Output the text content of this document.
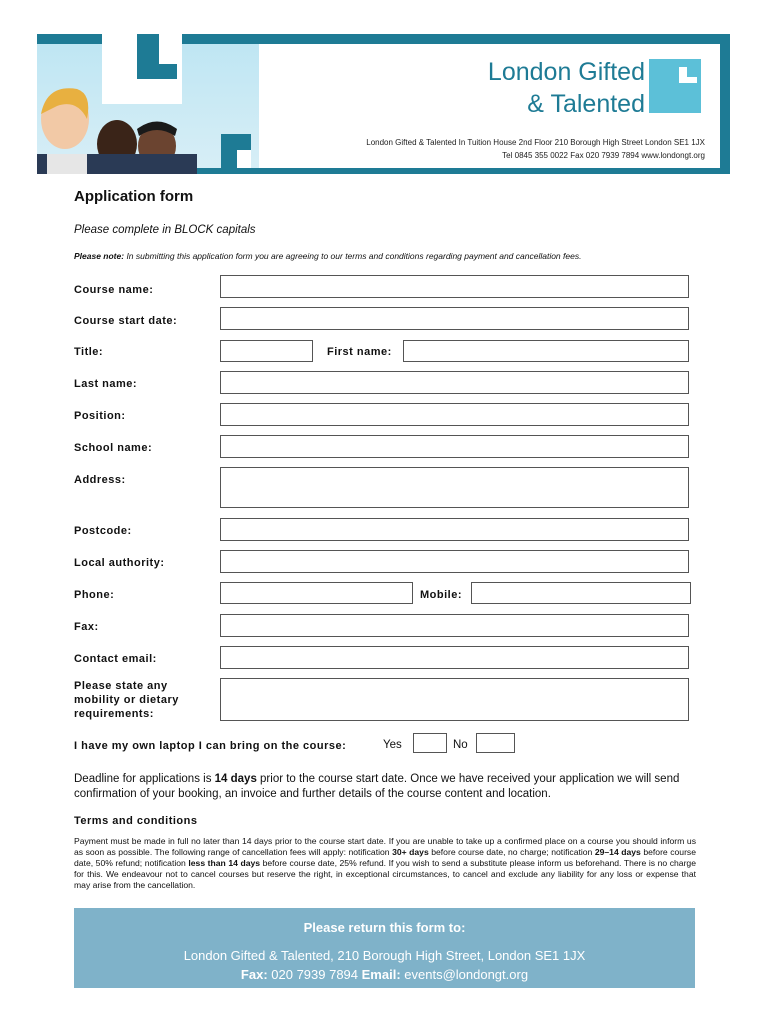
London Gifted
& Talented
London Gifted & Talented In Tuition House 2nd Floor 210 Borough High Street London SE1 1JX
Tel 0845 355 0022 Fax 020 7939 7894 www.londongt.org
Application form
Please complete in BLOCK capitals
Please note: In submitting this application form you are agreeing to our terms and conditions regarding payment and cancellation fees.
Course name:
Course start date:
Title:	First name:
Last name:
Position:
School name:
Address:
Postcode:
Local authority:
Phone:	Mobile:
Fax:
Contact email:
Please state any
mobility or dietary
requirements:
I have my own laptop I can bring on the course:	Yes	No
Deadline for applications is 14 days prior to the course start date. Once we have received your application we will send confirmation of your booking, an invoice and further details of the course content and location.
Terms and conditions
Payment must be made in full no later than 14 days prior to the course start date. If you are unable to take up a confirmed place on a course you should inform us as soon as possible. The following range of cancellation fees will apply: notification 30+ days before course date, no charge; notification 29–14 days before course date, 50% refund; notification less than 14 days before course date, 25% refund. If you wish to send a substitute please inform us beforehand. There is no charge for this. We endeavour not to cancel courses but reserve the right, in exceptional circumstances, to cancel and exclude any liability for any loss or expense that may arise from the cancellation.
Please return this form to:
London Gifted & Talented, 210 Borough High Street, London SE1 1JX
Fax: 020 7939 7894 Email: events@londongt.org
